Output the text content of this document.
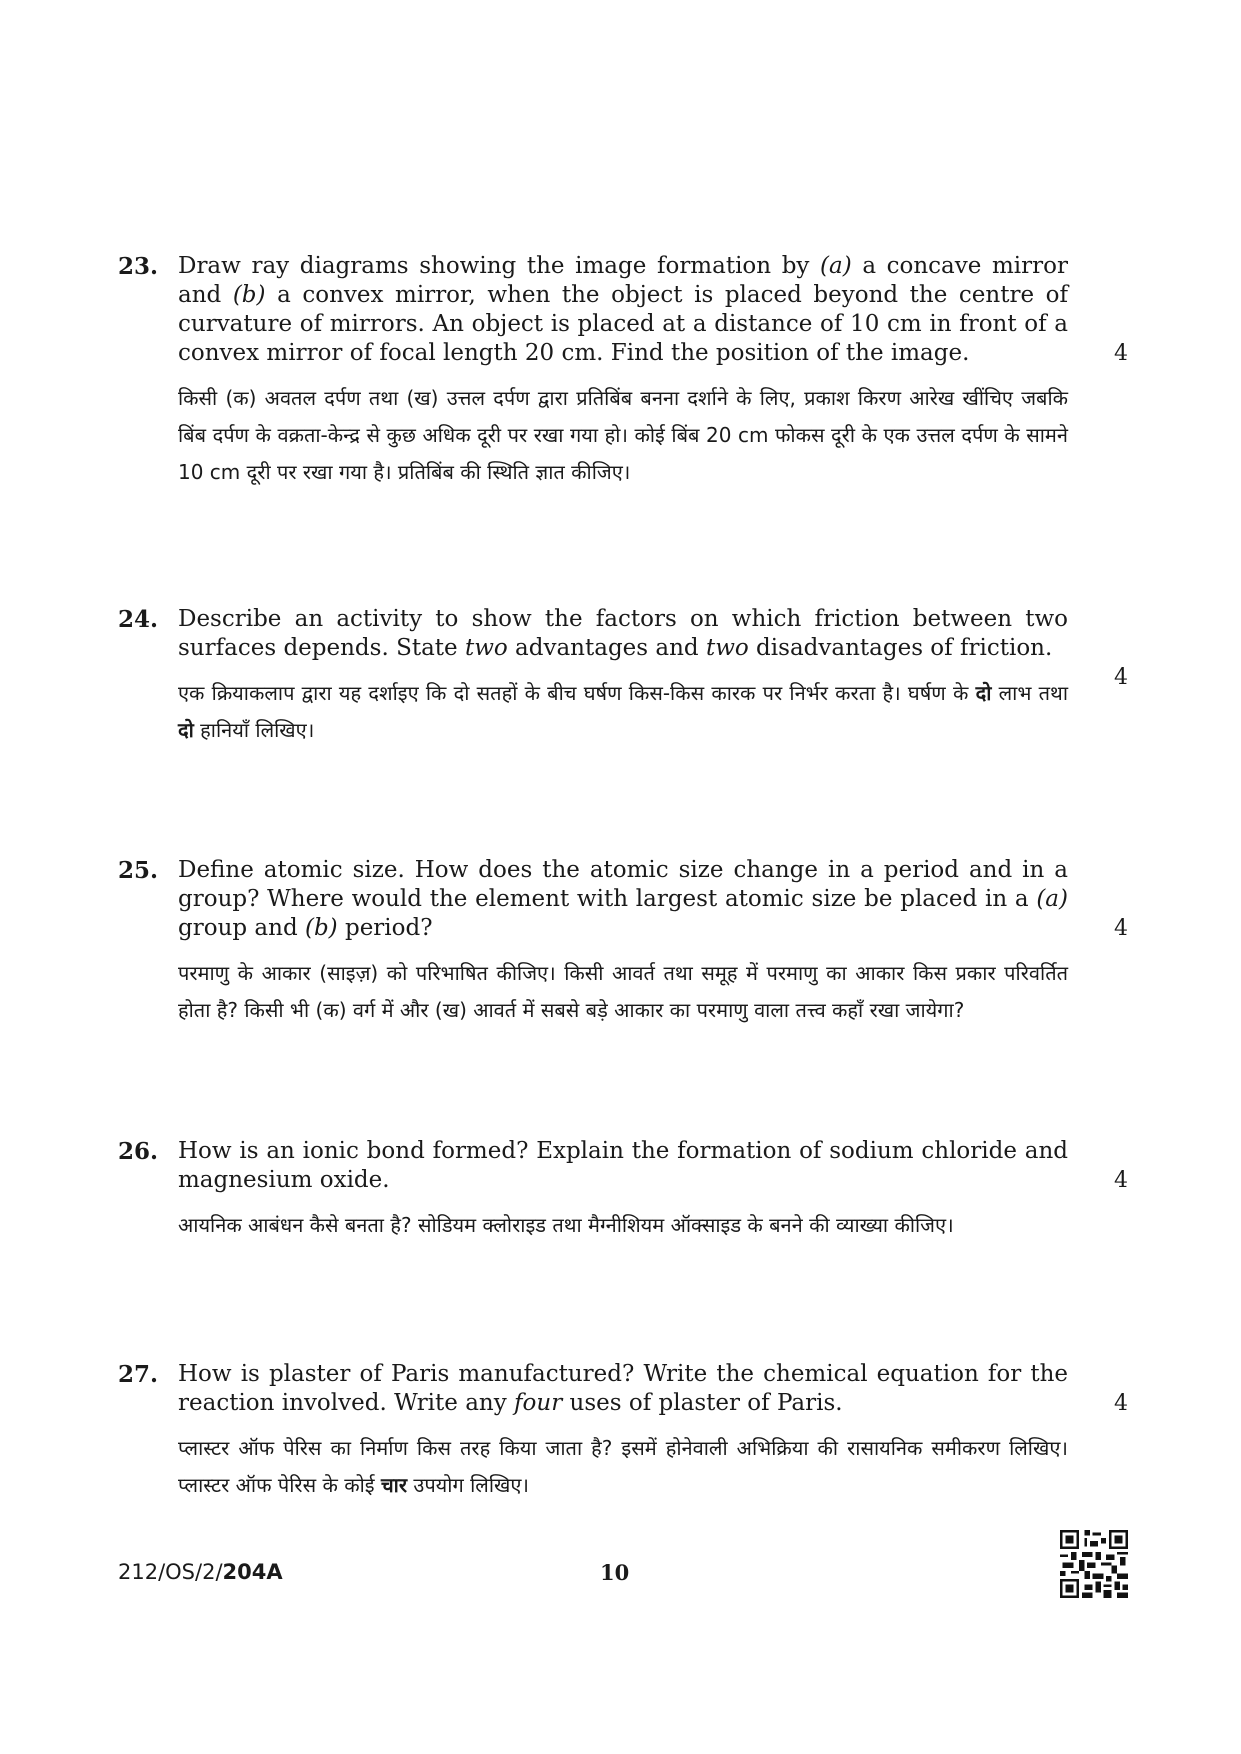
23. Draw ray diagrams showing the image formation by (a) a concave mirror and (b) a convex mirror, when the object is placed beyond the centre of curvature of mirrors. An object is placed at a distance of 10 cm in front of a convex mirror of focal length 20 cm. Find the position of the image.	4
किसी (क) अवतल दर्पण तथा (ख) उत्तल दर्पण द्वारा प्रतिबिंब बनना दर्शाने के लिए, प्रकाश किरण आरेख खींचिए जबकि बिंब दर्पण के वक्रता-केन्द्र से कुछ अधिक दूरी पर रखा गया हो। कोई बिंब 20 cm फोकस दूरी के एक उत्तल दर्पण के सामने 10 cm दूरी पर रखा गया है। प्रतिबिंब की स्थिति ज्ञात कीजिए।
24. Describe an activity to show the factors on which friction between two surfaces depends. State two advantages and two disadvantages of friction.
4
एक क्रियाकलाप द्वारा यह दर्शाइए कि दो सतहों के बीच घर्षण किस-किस कारक पर निर्भर करता है। घर्षण के दो लाभ तथा दो हानियाँ लिखिए।
25. Define atomic size. How does the atomic size change in a period and in a group? Where would the element with largest atomic size be placed in a (a) group and (b) period?	4
परमाणु के आकार (साइज़) को परिभाषित कीजिए। किसी आवर्त तथा समूह में परमाणु का आकार किस प्रकार परिवर्तित होता है? किसी भी (क) वर्ग में और (ख) आवर्त में सबसे बड़े आकार का परमाणु वाला तत्त्व कहाँ रखा जायेगा?
26. How is an ionic bond formed? Explain the formation of sodium chloride and magnesium oxide.	4
आयनिक आबंधन कैसे बनता है? सोडियम क्लोराइड तथा मैग्नीशियम ऑक्साइड के बनने की व्याख्या कीजिए।
27. How is plaster of Paris manufactured? Write the chemical equation for the reaction involved. Write any four uses of plaster of Paris.	4
प्लास्टर ऑफ पेरिस का निर्माण किस तरह किया जाता है? इसमें होनेवाली अभिक्रिया की रासायनिक समीकरण लिखिए। प्लास्टर ऑफ पेरिस के कोई चार उपयोग लिखिए।
212/OS/2/204A	10
